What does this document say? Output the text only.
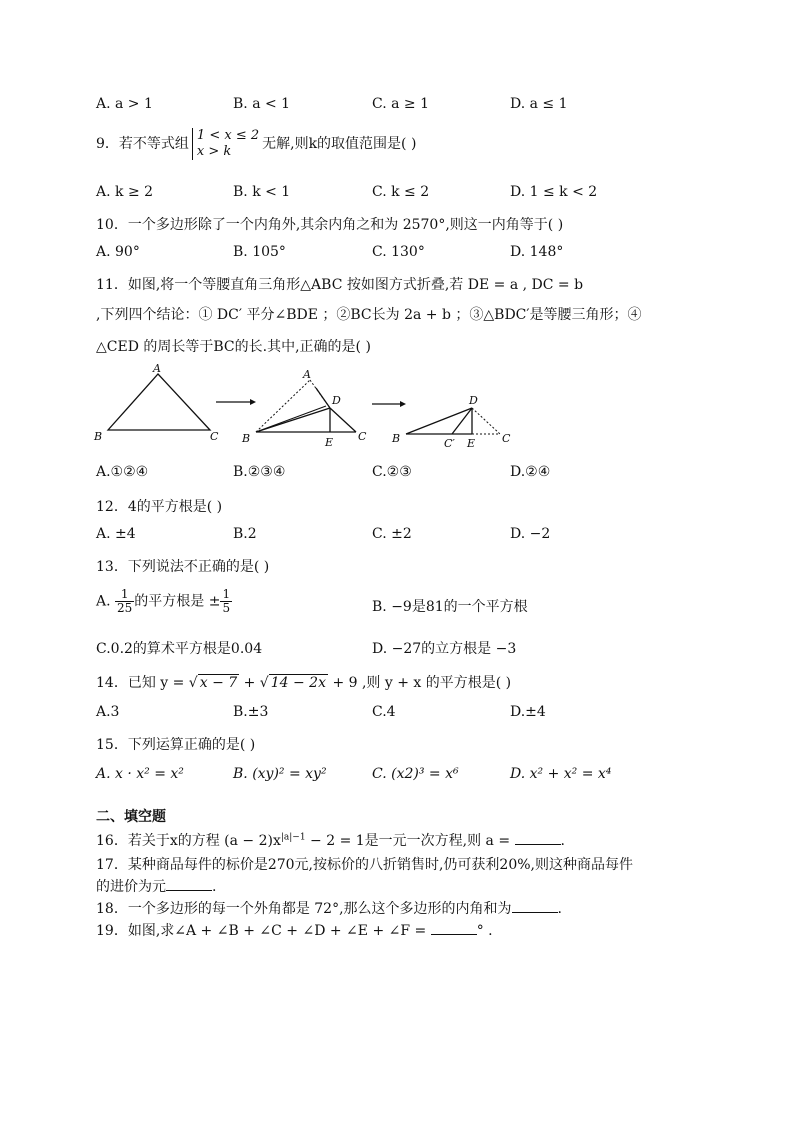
A. a > 1	B. a < 1	C. a ≥ 1	D. a ≤ 1
9．若不等式组
1 < x ≤ 2
x > k	无解,则k的取值范围是( )
A. k ≥ 2	B. k < 1	C. k ≤ 2	D. 1 ≤ k < 2
10．一个多边形除了一个内角外,其余内角之和为 2570°,则这一内角等于( )
A. 90°	B. 105°	C. 130°	D. 148°
11．如图,将一个等腰直角三角形△ABC 按如图方式折叠,若 DE = a , DC = b
,下列四个结论：① DC′ 平分∠BDE ；②BC长为 2a + b ；③△BDC′是等腰三角形；④
△CED 的周长等于BC的长.其中,正确的是( )
A
B	C
A
D
B	E C
D
B	C′ E C
A.①②④	B.②③④	C.②③	D.②④
12．4的平方根是( )
A. ±4	B.2	C. ±2	D. −2
13．下列说法不正确的是( )
A. $\frac{1}{25}$ 的平方根是 ± $\frac{1}{5}$	B. −9是81的一个平方根
C.0.2的算术平方根是0.04	D. −27的立方根是 −3
14．已知 y = √ x − 7 + √ 14 − 2x + 9 ,则 y + x 的平方根是( )
A.3	B.±3	C.4	D.±4
15．下列运算正确的是( )
A. x · x² = x²	B. (xy)² = xy²	C. (x2)³ = x⁶	D. x² + x² = x⁴
二、填空题
16．若关于x的方程 $(a - 2)x^{|a|-1} - 2 = 1$是一元一次方程,则 a =	.
17．某种商品每件的标价是270元,按标价的八折销售时,仍可获利20%,则这种商品每件
的进价为元	.
18．一个多边形的每一个外角都是 72°,那么这个多边形的内角和为	.
19．如图,求∠A + ∠B + ∠C + ∠D + ∠E + ∠F =	° .
